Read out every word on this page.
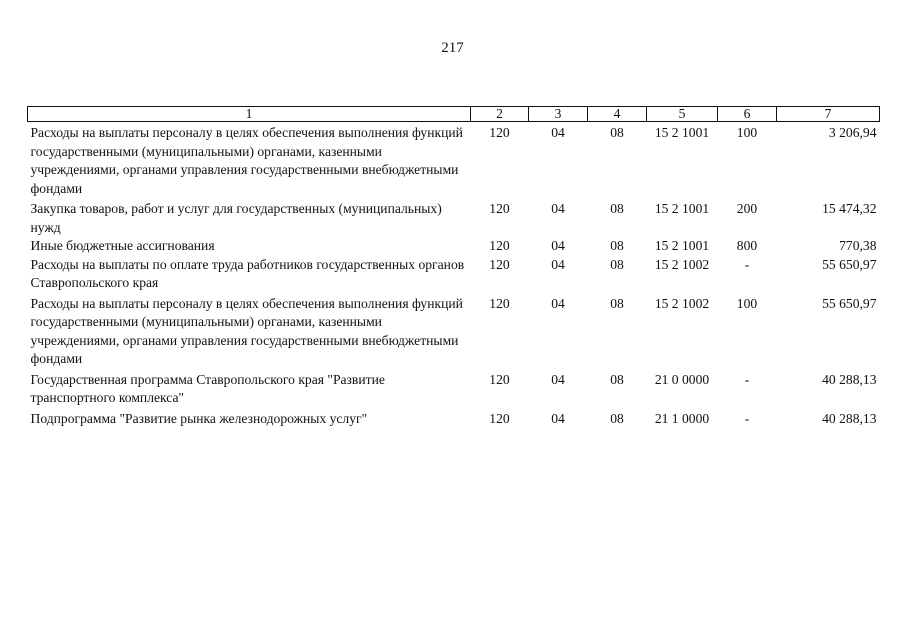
217
1	2	3	4	5	6	7
Расходы на выплаты персоналу в целях обеспечения выполнения функций государственными (муниципальными) органами, казенными учреждениями, органами управления государственными внебюджетными фондами	120	04	08	15 2 1001	100	3 206,94
Закупка товаров, работ и услуг для государственных (муниципальных) нужд	120	04	08	15 2 1001	200	15 474,32
Иные бюджетные ассигнования	120	04	08	15 2 1001	800	770,38
Расходы на выплаты по оплате труда работников государственных органов Ставропольского края	120	04	08	15 2 1002	-	55 650,97
Расходы на выплаты персоналу в целях обеспечения выполнения функций государственными (муниципальными) органами, казенными учреждениями, органами управления государственными внебюджетными фондами	120	04	08	15 2 1002	100	55 650,97
Государственная программа Ставропольского края "Развитие транспортного комплекса"	120	04	08	21 0 0000	-	40 288,13
Подпрограмма "Развитие рынка железнодорожных услуг"	120	04	08	21 1 0000	-	40 288,13
